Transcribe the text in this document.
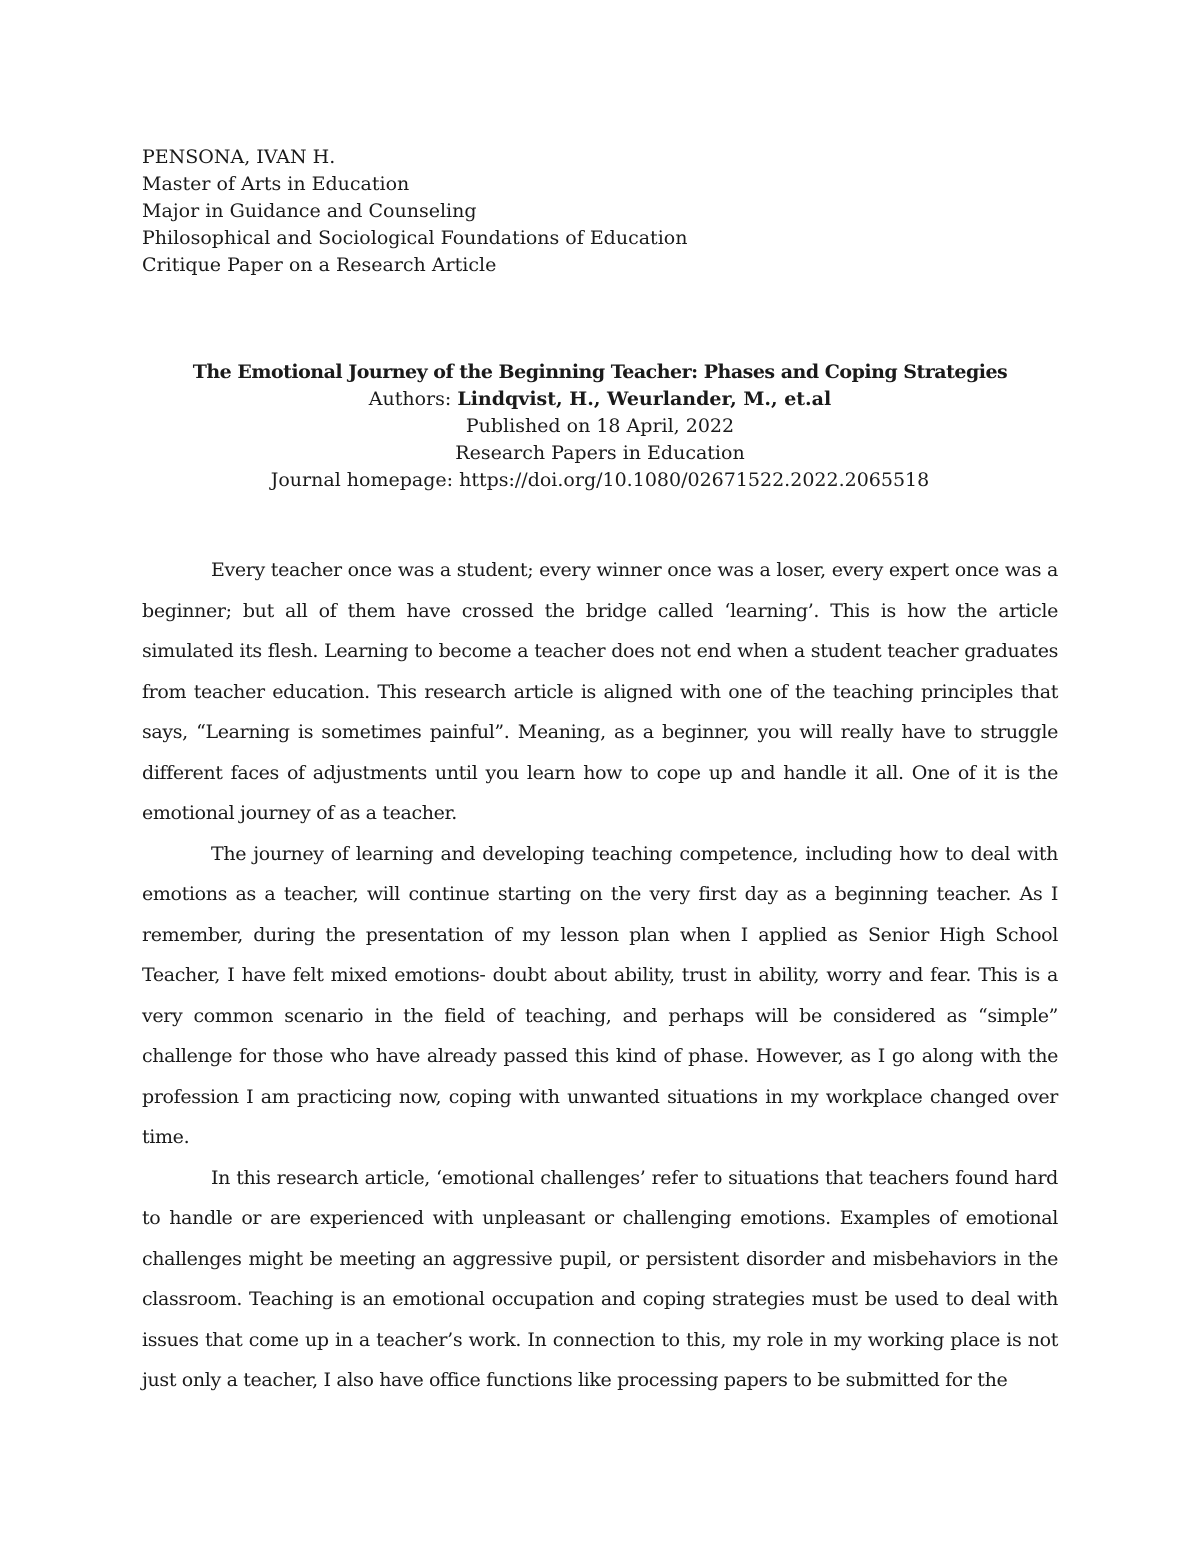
PENSONA, IVAN H.
Master of Arts in Education
Major in Guidance and Counseling
Philosophical and Sociological Foundations of Education
Critique Paper on a Research Article
The Emotional Journey of the Beginning Teacher: Phases and Coping Strategies
Authors: Lindqvist, H., Weurlander, M., et.al
Published on 18 April, 2022
Research Papers in Education
Journal homepage: https://doi.org/10.1080/02671522.2022.2065518

Every teacher once was a student; every winner once was a loser, every expert once was a beginner; but all of them have crossed the bridge called ‘learning’. This is how the article simulated its flesh. Learning to become a teacher does not end when a student teacher graduates from teacher education. This research article is aligned with one of the teaching principles that says, “Learning is sometimes painful”. Meaning, as a beginner, you will really have to struggle different faces of adjustments until you learn how to cope up and handle it all. One of it is the emotional journey of as a teacher.

The journey of learning and developing teaching competence, including how to deal with emotions as a teacher, will continue starting on the very first day as a beginning teacher. As I remember, during the presentation of my lesson plan when I applied as Senior High School Teacher, I have felt mixed emotions- doubt about ability, trust in ability, worry and fear. This is a very common scenario in the field of teaching, and perhaps will be considered as “simple” challenge for those who have already passed this kind of phase. However, as I go along with the profession I am practicing now, coping with unwanted situations in my workplace changed over time.

In this research article, ‘emotional challenges’ refer to situations that teachers found hard to handle or are experienced with unpleasant or challenging emotions. Examples of emotional challenges might be meeting an aggressive pupil, or persistent disorder and misbehaviors in the classroom. Teaching is an emotional occupation and coping strategies must be used to deal with issues that come up in a teacher’s work. In connection to this, my role in my working place is not just only a teacher, I also have office functions like processing papers to be submitted for the
